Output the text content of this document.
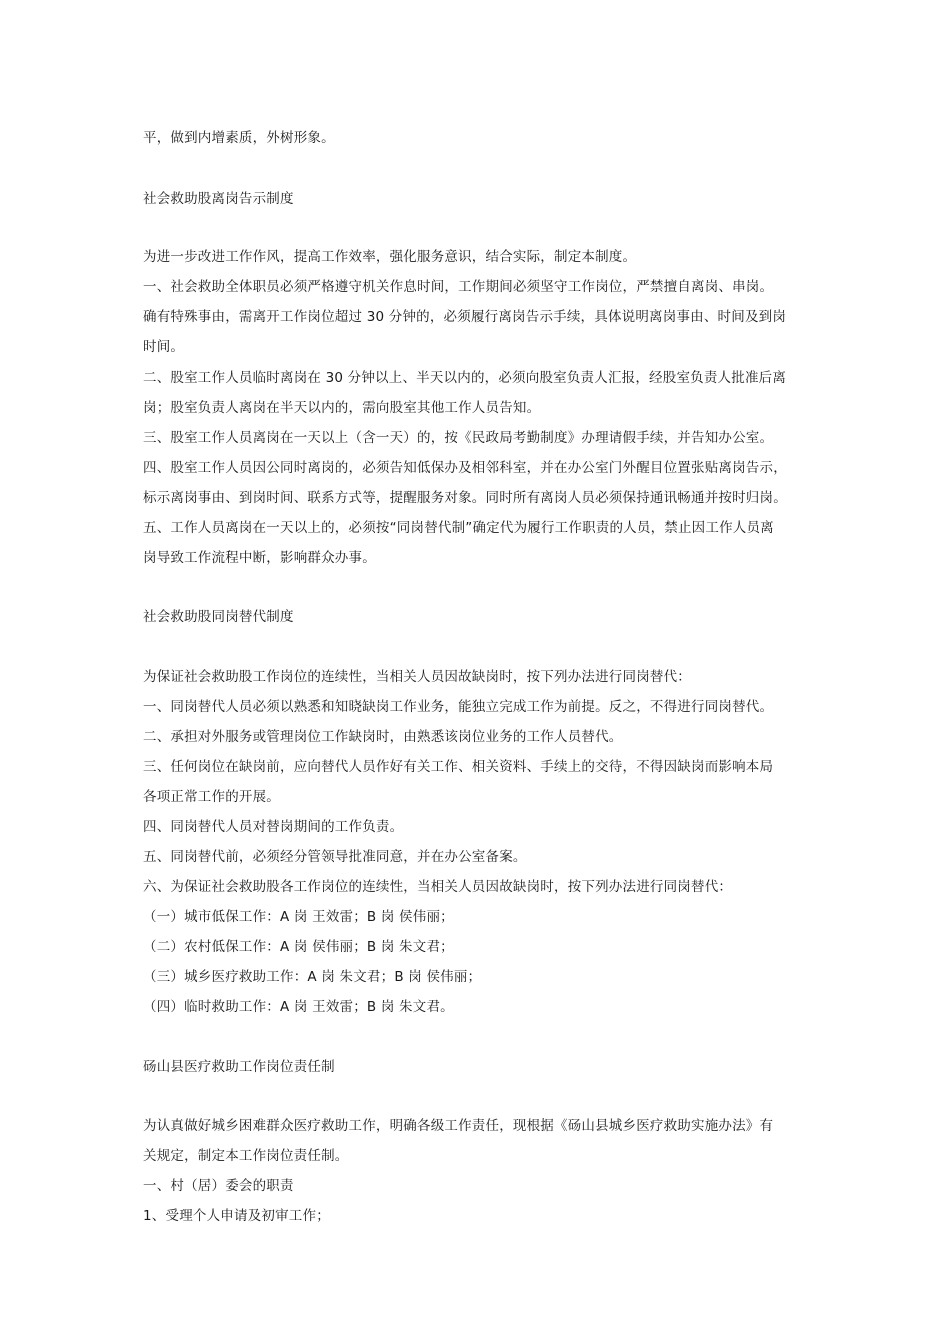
平，做到内增素质，外树形象。
社会救助股离岗告示制度
为进一步改进工作作风，提高工作效率，强化服务意识，结合实际，制定本制度。
一、社会救助全体职员必须严格遵守机关作息时间，工作期间必须坚守工作岗位，严禁擅自离岗、串岗。
确有特殊事由，需离开工作岗位超过 30 分钟的，必须履行离岗告示手续，具体说明离岗事由、时间及到岗
时间。
二、股室工作人员临时离岗在 30 分钟以上、半天以内的，必须向股室负责人汇报，经股室负责人批准后离
岗；股室负责人离岗在半天以内的，需向股室其他工作人员告知。
三、股室工作人员离岗在一天以上（含一天）的，按《民政局考勤制度》办理请假手续，并告知办公室。
四、股室工作人员因公同时离岗的，必须告知低保办及相邻科室，并在办公室门外醒目位置张贴离岗告示，
标示离岗事由、到岗时间、联系方式等，提醒服务对象。同时所有离岗人员必须保持通讯畅通并按时归岗。
五、工作人员离岗在一天以上的，必须按“同岗替代制”确定代为履行工作职责的人员，禁止因工作人员离
岗导致工作流程中断，影响群众办事。
社会救助股同岗替代制度
为保证社会救助股工作岗位的连续性，当相关人员因故缺岗时，按下列办法进行同岗替代：
一、同岗替代人员必须以熟悉和知晓缺岗工作业务，能独立完成工作为前提。反之，不得进行同岗替代。
二、承担对外服务或管理岗位工作缺岗时，由熟悉该岗位业务的工作人员替代。
三、任何岗位在缺岗前，应向替代人员作好有关工作、相关资料、手续上的交待，不得因缺岗而影响本局
各项正常工作的开展。
四、同岗替代人员对替岗期间的工作负责。
五、同岗替代前，必须经分管领导批准同意，并在办公室备案。
六、为保证社会救助股各工作岗位的连续性，当相关人员因故缺岗时，按下列办法进行同岗替代：
（一）城市低保工作：A 岗 王效雷；B 岗 侯伟丽；
（二）农村低保工作：A 岗 侯伟丽；B 岗 朱文君；
（三）城乡医疗救助工作：A 岗 朱文君；B 岗 侯伟丽；
（四）临时救助工作：A 岗 王效雷；B 岗 朱文君。
砀山县医疗救助工作岗位责任制
为认真做好城乡困难群众医疗救助工作，明确各级工作责任，现根据《砀山县城乡医疗救助实施办法》有
关规定，制定本工作岗位责任制。
一、村（居）委会的职责
1、受理个人申请及初审工作；
